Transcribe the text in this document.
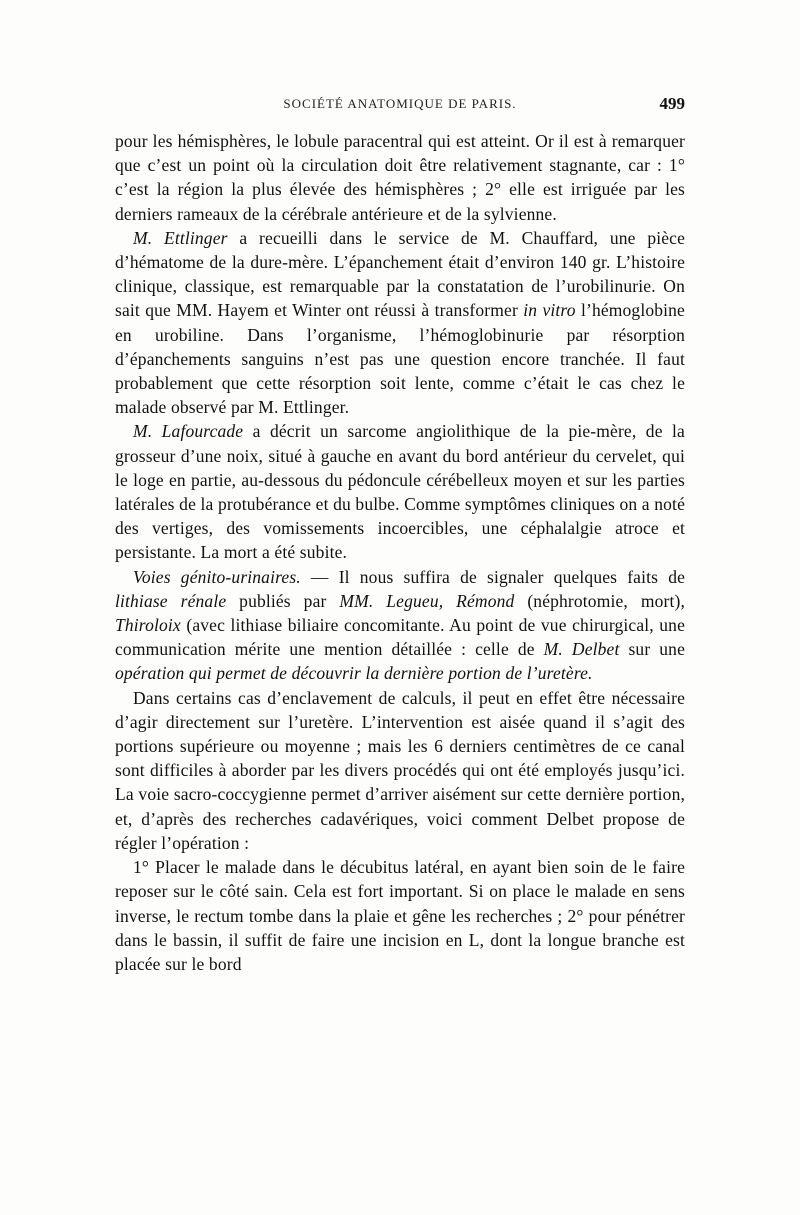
SOCIÉTÉ ANATOMIQUE DE PARIS.	499

pour les hémisphères, le lobule paracentral qui est atteint. Or il est à remarquer que c’est un point où la circulation doit être relativement stagnante, car : 1° c’est la région la plus élevée des hémisphères ; 2° elle est irriguée par les derniers rameaux de la cérébrale antérieure et de la sylvienne.

M. Ettlinger a recueilli dans le service de M. Chauffard, une pièce d’hématome de la dure-mère. L’épanchement était d’environ 140 gr. L’histoire clinique, classique, est remarquable par la constatation de l’urobilinurie. On sait que MM. Hayem et Winter ont réussi à transformer in vitro l’hémoglobine en urobiline. Dans l’organisme, l’hémoglobinurie par résorption d’épanchements sanguins n’est pas une question encore tranchée. Il faut probablement que cette résorption soit lente, comme c’était le cas chez le malade observé par M. Ettlinger.

M. Lafourcade a décrit un sarcome angiolithique de la pie-mère, de la grosseur d’une noix, situé à gauche en avant du bord antérieur du cervelet, qui le loge en partie, au-dessous du pédoncule cérébelleux moyen et sur les parties latérales de la protubérance et du bulbe. Comme symptômes cliniques on a noté des vertiges, des vomissements incoercibles, une céphalalgie atroce et persistante. La mort a été subite.

Voies génito-urinaires. — Il nous suffira de signaler quelques faits de lithiase rénale publiés par MM. Legueu, Rémond (néphrotomie, mort), Thiroloix (avec lithiase biliaire concomitante. Au point de vue chirurgical, une communication mérite une mention détaillée : celle de M. Delbet sur une opération qui permet de découvrir la dernière portion de l’uretère.

Dans certains cas d’enclavement de calculs, il peut en effet être nécessaire d’agir directement sur l’uretère. L’intervention est aisée quand il s’agit des portions supérieure ou moyenne ; mais les 6 derniers centimètres de ce canal sont difficiles à aborder par les divers procédés qui ont été employés jusqu’ici. La voie sacro-coccygienne permet d’arriver aisément sur cette dernière portion, et, d’après des recherches cadavériques, voici comment Delbet propose de régler l’opération :

1° Placer le malade dans le décubitus latéral, en ayant bien soin de le faire reposer sur le côté sain. Cela est fort important. Si on place le malade en sens inverse, le rectum tombe dans la plaie et gêne les recherches ; 2° pour pénétrer dans le bassin, il suffit de faire une incision en L, dont la longue branche est placée sur le bord
